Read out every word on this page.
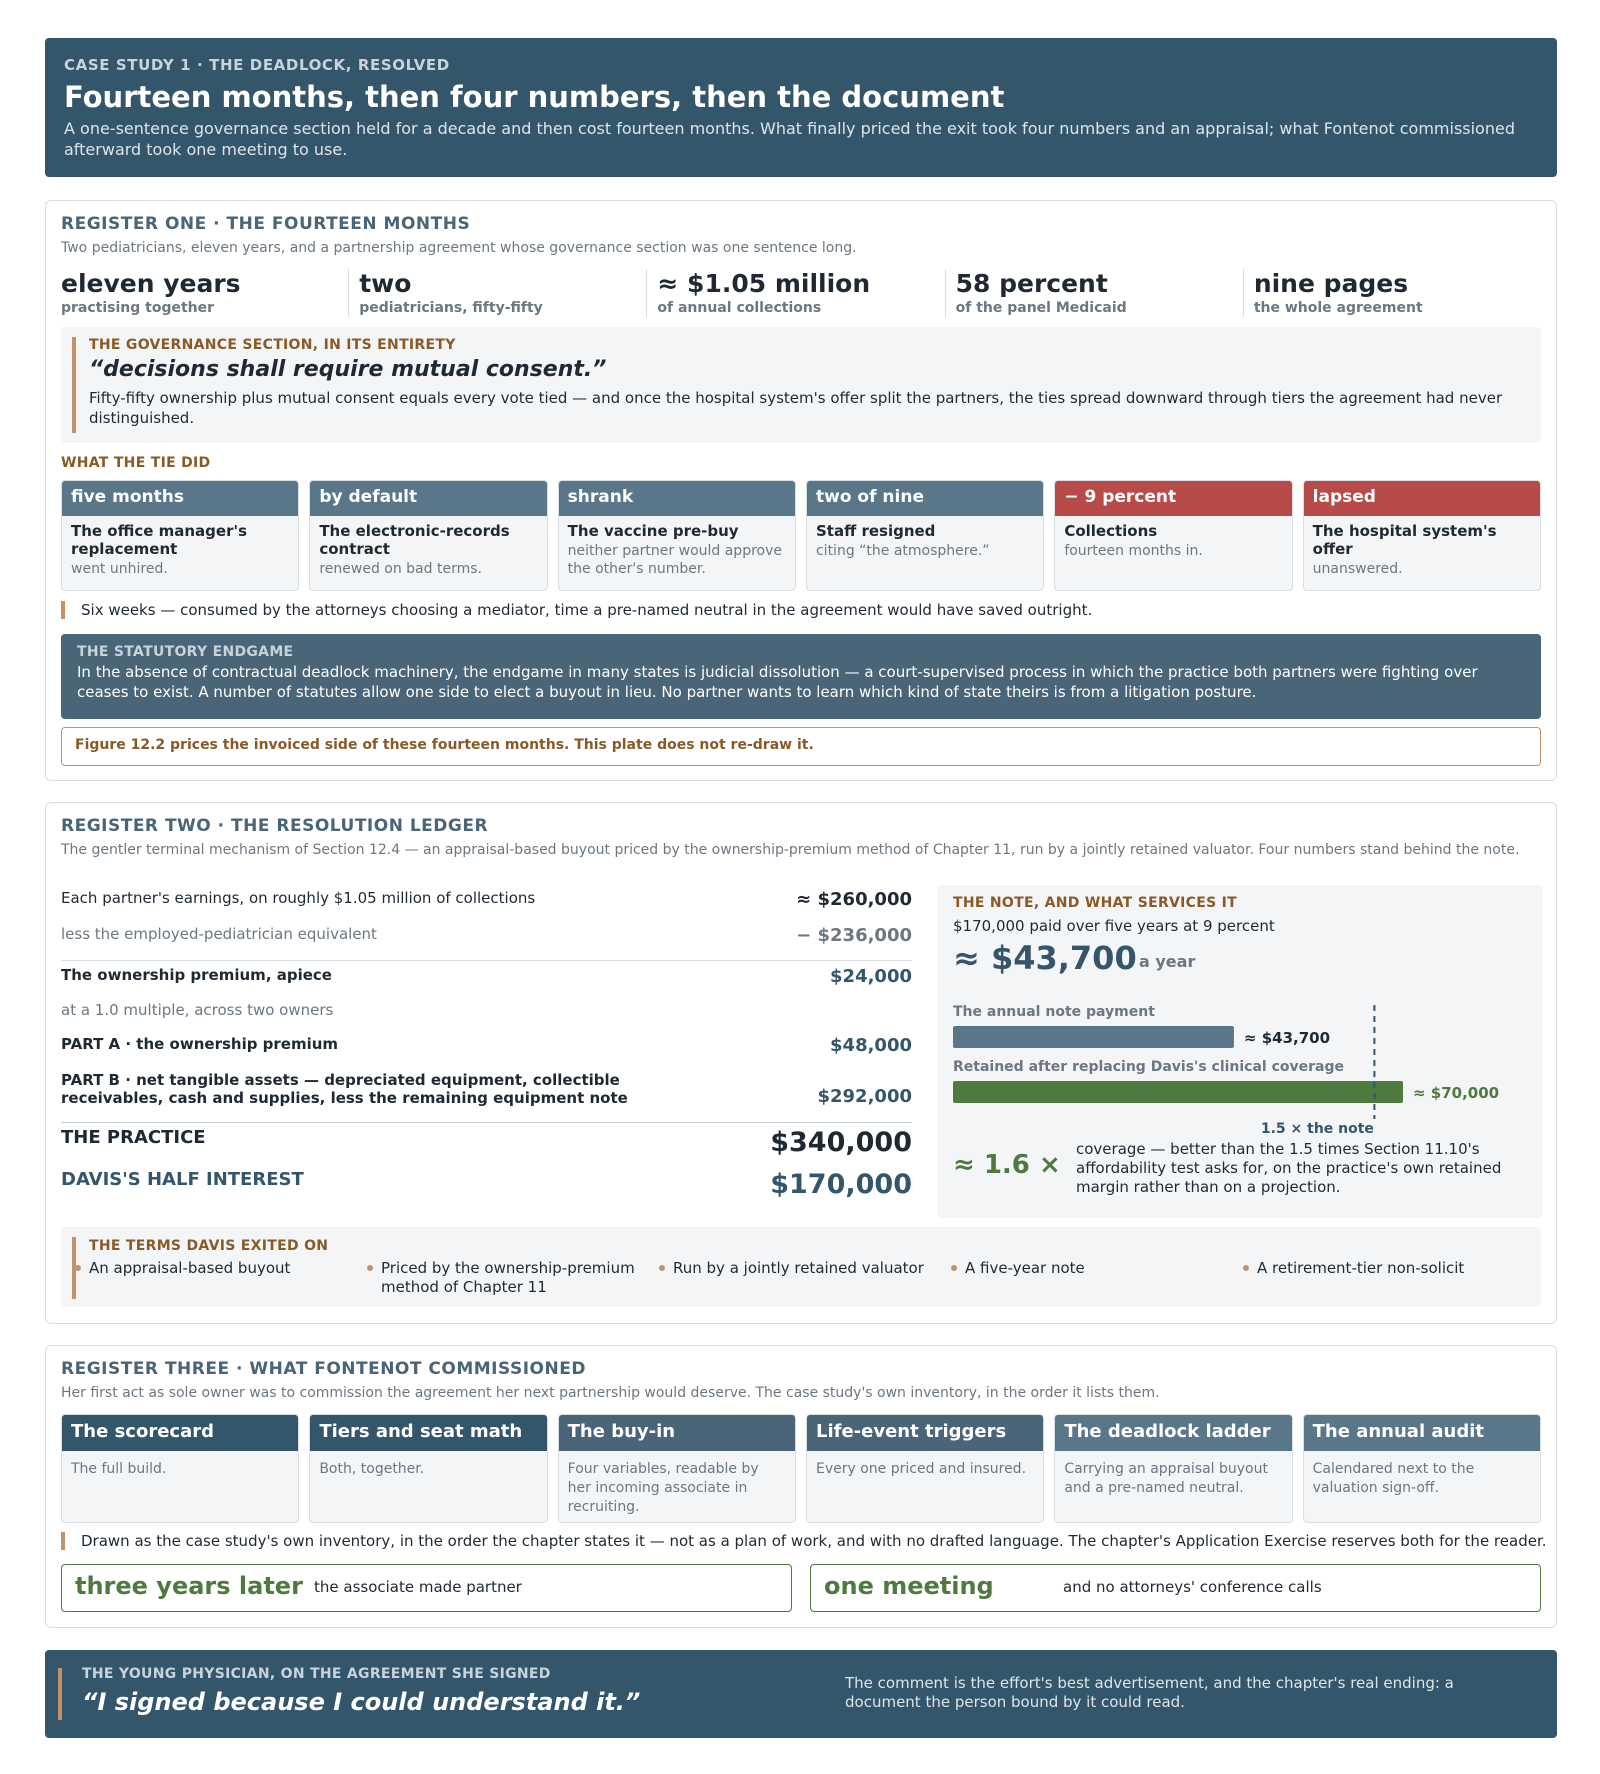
CASE STUDY 1 · THE DEADLOCK, RESOLVED
Fourteen months, then four numbers, then the document

A one-sentence governance section held for a decade and then cost fourteen months. What finally priced the exit took four numbers and an appraisal; what Fontenot commissioned afterward took one meeting to use.

REGISTER ONE · THE FOURTEEN MONTHS
Two pediatricians, eleven years, and a partnership agreement whose governance section was one sentence long.
eleven years
practising together
two
pediatricians, fifty-fifty
≈ $1.05 million
of annual collections
58 percent
of the panel Medicaid
nine pages
the whole agreement
THE GOVERNANCE SECTION, IN ITS ENTIRETY
“decisions shall require mutual consent.”
Fifty-fifty ownership plus mutual consent equals every vote tied — and once the hospital system's offer split the partners, the ties spread downward through tiers the agreement had never distinguished.
WHAT THE TIE DID
five months
The office manager's replacement
went unhired.
by default
The electronic-records contract
renewed on bad terms.
shrank
The vaccine pre-buy
neither partner would approve the other's number.
two of nine
Staff resigned
citing “the atmosphere.”
− 9 percent
Collections
fourteen months in.
lapsed
The hospital system's offer
unanswered.
Six weeks — consumed by the attorneys choosing a mediator, time a pre-named neutral in the agreement would have saved outright.
THE STATUTORY ENDGAME
In the absence of contractual deadlock machinery, the endgame in many states is judicial dissolution — a court-supervised process in which the practice both partners were fighting over ceases to exist. A number of statutes allow one side to elect a buyout in lieu. No partner wants to learn which kind of state theirs is from a litigation posture.
Figure 12.2 prices the invoiced side of these fourteen months. This plate does not re-draw it.
REGISTER TWO · THE RESOLUTION LEDGER
The gentler terminal mechanism of Section 12.4 — an appraisal-based buyout priced by the ownership-premium method of Chapter 11, run by a jointly retained valuator. Four numbers stand behind the note.
Each partner's earnings, on roughly $1.05 million of collections	≈ $260,000
less the employed-pediatrician equivalent	− $236,000
The ownership premium, apiece	$24,000
at a 1.0 multiple, across two owners
PART A · the ownership premium	$48,000
PART B · net tangible assets — depreciated equipment, collectible receivables, cash and supplies, less the remaining equipment note	$292,000
THE PRACTICE	$340,000
DAVIS'S HALF INTEREST	$170,000
THE NOTE, AND WHAT SERVICES IT
$170,000 paid over five years at 9 percent
≈ $43,700 a year
The annual note payment
≈ $43,700
Retained after replacing Davis's clinical coverage
≈ $70,000
1.5 × the note
≈ 1.6 ×
coverage — better than the 1.5 times Section 11.10's affordability test asks for, on the practice's own retained margin rather than on a projection.
THE TERMS DAVIS EXITED ON
An appraisal-based buyout	Priced by the ownership-premium method of Chapter 11
Run by a jointly retained valuator	A five-year note	A retirement-tier non-solicit
REGISTER THREE · WHAT FONTENOT COMMISSIONED
Her first act as sole owner was to commission the agreement her next partnership would deserve. The case study's own inventory, in the order it lists them.
The scorecard
The full build.
Tiers and seat math
Both, together.
The buy-in
Four variables, readable by her incoming associate in recruiting.
Life-event triggers
Every one priced and insured.
The deadlock ladder
Carrying an appraisal buyout and a pre-named neutral.
The annual audit
Calendared next to the valuation sign-off.
Drawn as the case study's own inventory, in the order the chapter states it — not as a plan of work, and with no drafted language. The chapter's Application Exercise reserves both for the reader.
three years later the associate made partner	one meeting	and no attorneys' conference calls
THE YOUNG PHYSICIAN, ON THE AGREEMENT SHE SIGNED
“I signed because I could understand it.”
The comment is the effort's best advertisement, and the chapter's real ending: a document the person bound by it could read.
